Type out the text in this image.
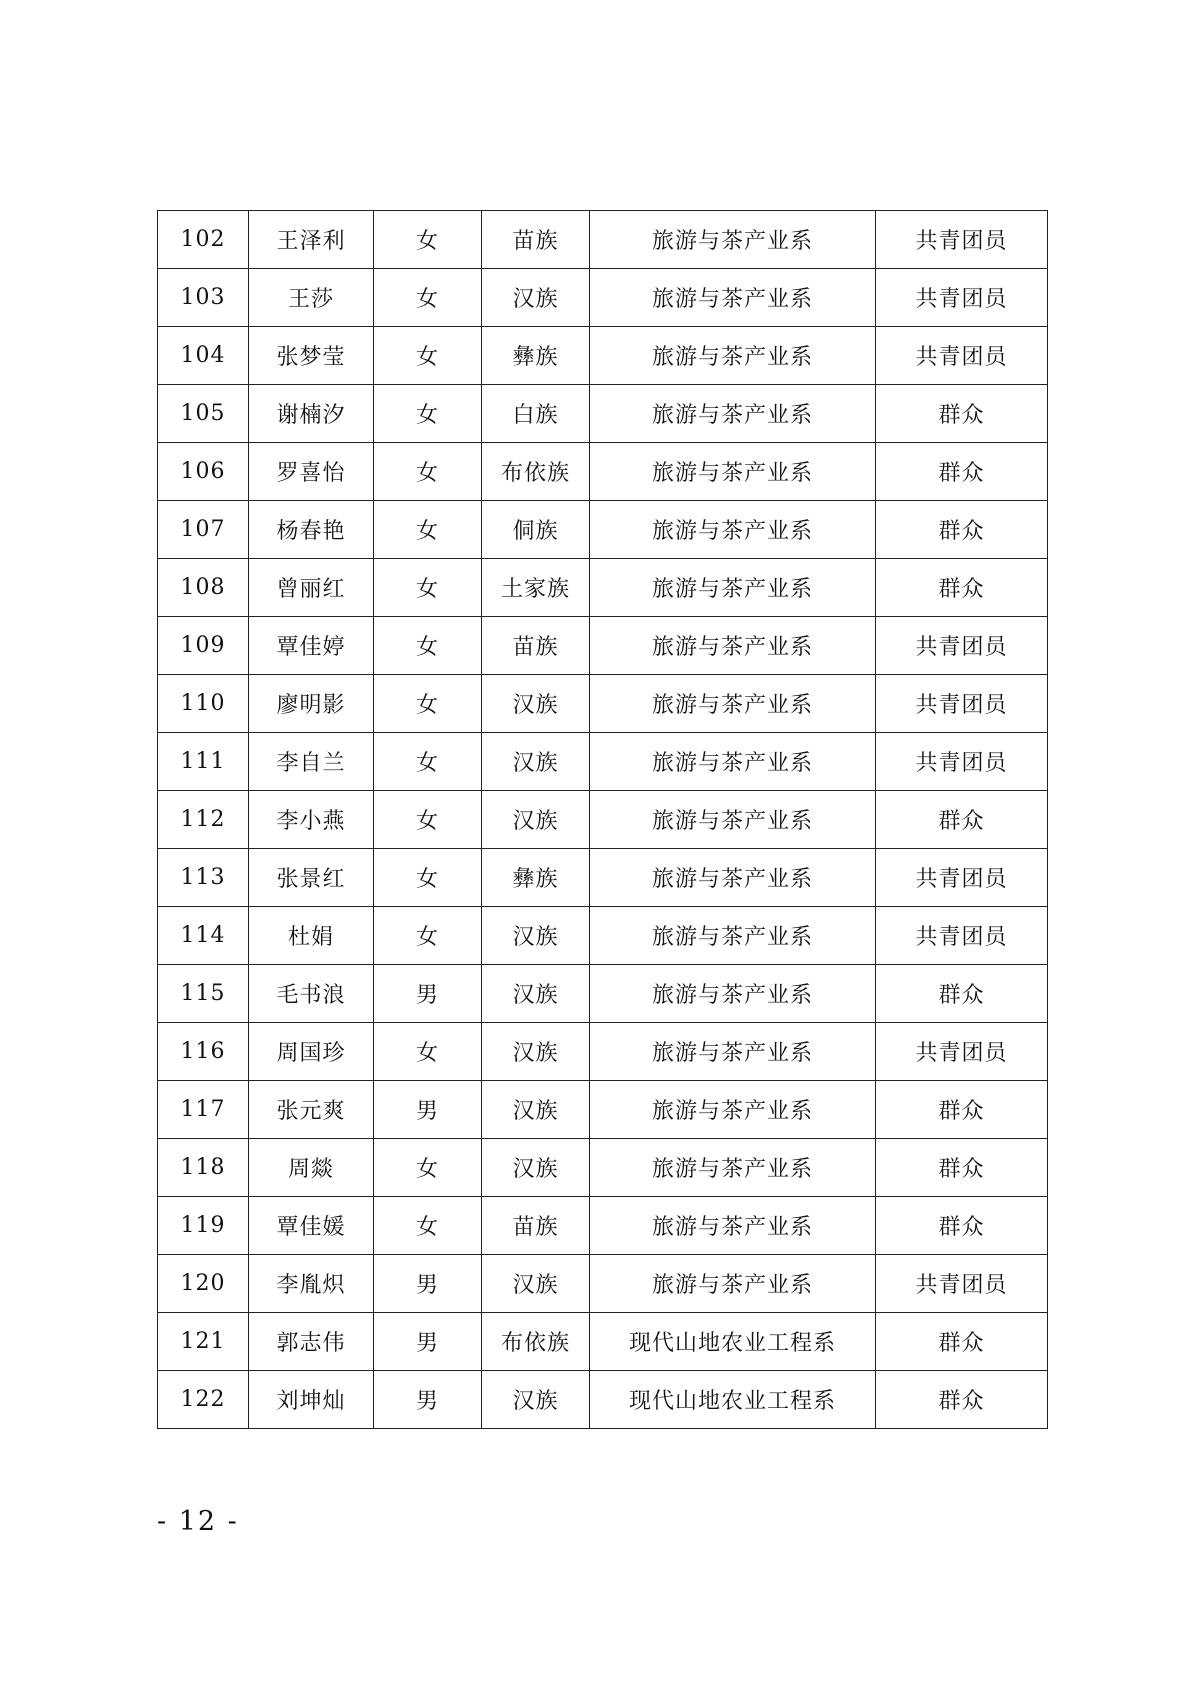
102	王泽利	女	苗族	旅游与茶产业系	共青团员
103	王莎	女	汉族	旅游与茶产业系	共青团员
104	张梦莹	女	彝族	旅游与茶产业系	共青团员
105	谢楠汐	女	白族	旅游与茶产业系	群众
106	罗喜怡	女	布依族	旅游与茶产业系	群众
107	杨春艳	女	侗族	旅游与茶产业系	群众
108	曾丽红	女	土家族	旅游与茶产业系	群众
109	覃佳婷	女	苗族	旅游与茶产业系	共青团员
110	廖明影	女	汉族	旅游与茶产业系	共青团员
111	李自兰	女	汉族	旅游与茶产业系	共青团员
112	李小燕	女	汉族	旅游与茶产业系	群众
113	张景红	女	彝族	旅游与茶产业系	共青团员
114	杜娟	女	汉族	旅游与茶产业系	共青团员
115	毛书浪	男	汉族	旅游与茶产业系	群众
116	周国珍	女	汉族	旅游与茶产业系	共青团员
117	张元爽	男	汉族	旅游与茶产业系	群众
118	周燚	女	汉族	旅游与茶产业系	群众
119	覃佳媛	女	苗族	旅游与茶产业系	群众
120	李胤炽	男	汉族	旅游与茶产业系	共青团员
121	郭志伟	男	布依族	现代山地农业工程系	群众
122	刘坤灿	男	汉族	现代山地农业工程系	群众
- 12 -
